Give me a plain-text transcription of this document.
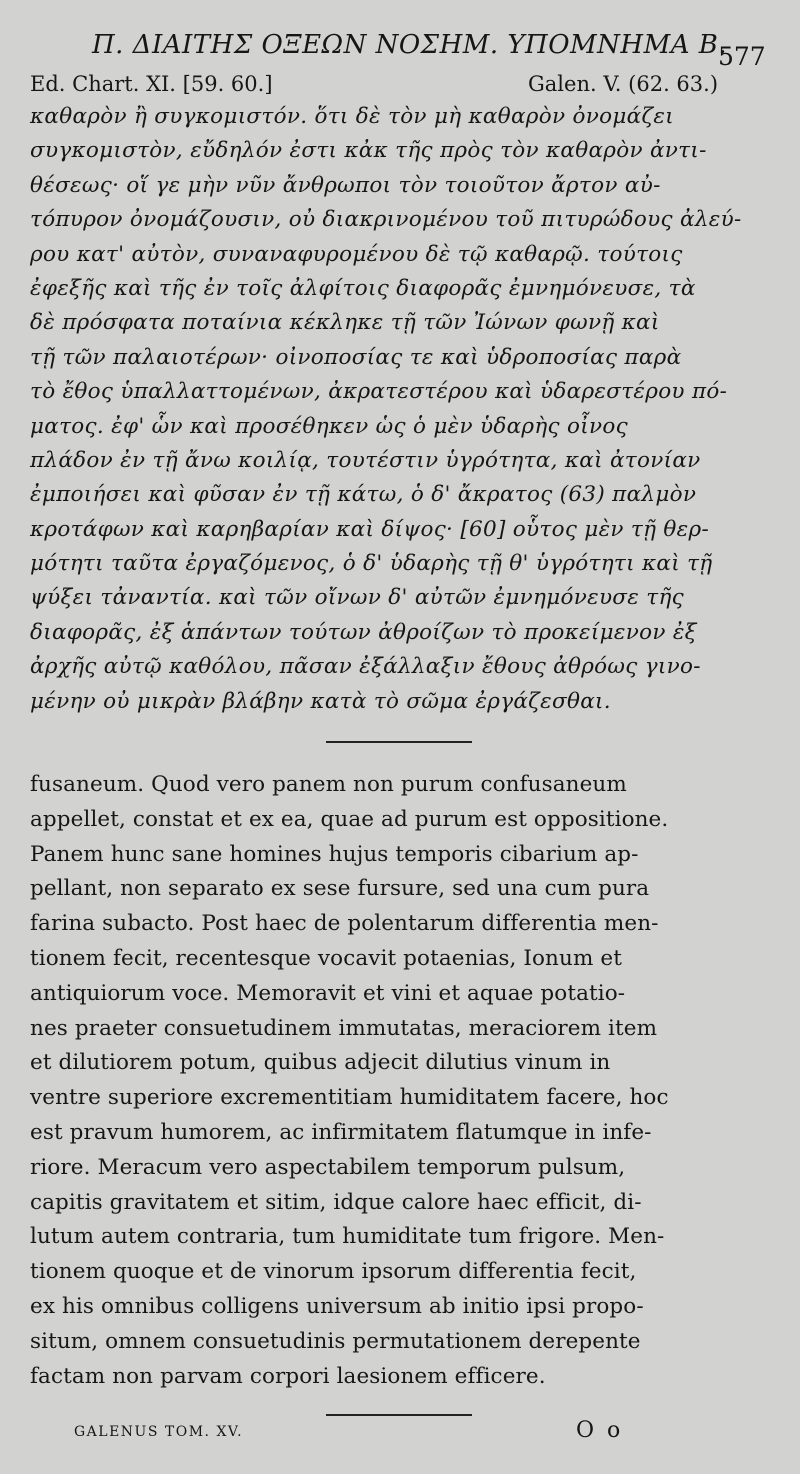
Π. ΔΙΑΙΤΗΣ ΟΞΕΩΝ ΝΟΣΗΜ. ΥΠΟΜΝΗΜΑ Β.
577
Ed. Chart. XI. [59. 60.]	Galen. V. (62. 63.)
καθαρὸν ἢ συγκομιστόν. ὅτι δὲ τὸν μὴ καθαρὸν ὀνομάζει
συγκομιστὸν, εὔδηλόν ἐστι κἀκ τῆς πρὸς τὸν καθαρὸν ἀντι-
θέσεως· οἵ γε μὴν νῦν ἄνθρωποι τὸν τοιοῦτον ἄρτον αὐ-
τόπυρον ὀνομάζουσιν, οὐ διακρινομένου τοῦ πιτυρώδους ἀλεύ-
ρου κατ' αὐτὸν, συναναφυρομένου δὲ τῷ καθαρῷ. τούτοις
ἐφεξῆς καὶ τῆς ἐν τοῖς ἀλφίτοις διαφορᾶς ἐμνημόνευσε, τὰ
δὲ πρόσφατα ποταίνια κέκληκε τῇ τῶν Ἰώνων φωνῇ καὶ
τῇ τῶν παλαιοτέρων· οἰνοποσίας τε καὶ ὑδροποσίας παρὰ
τὸ ἔθος ὑπαλλαττομένων, ἀκρατεστέρου καὶ ὑδαρεστέρου πό-
ματος. ἐφ' ὧν καὶ προσέθηκεν ὡς ὁ μὲν ὑδαρὴς οἶνος
πλάδον ἐν τῇ ἄνω κοιλίᾳ, τουτέστιν ὑγρότητα, καὶ ἀτονίαν
ἐμποιήσει καὶ φῦσαν ἐν τῇ κάτω, ὁ δ' ἄκρατος (63) παλμὸν
κροτάφων καὶ καρηβαρίαν καὶ δίψος· [60] οὗτος μὲν τῇ θερ-
μότητι ταῦτα ἐργαζόμενος, ὁ δ' ὑδαρὴς τῇ θ' ὑγρότητι καὶ τῇ
ψύξει τἀναντία. καὶ τῶν οἴνων δ' αὐτῶν ἐμνημόνευσε τῆς
διαφορᾶς, ἐξ ἁπάντων τούτων ἀθροίζων τὸ προκείμενον ἐξ
ἀρχῆς αὐτῷ καθόλου, πᾶσαν ἐξάλλαξιν ἔθους ἀθρόως γινο-
μένην οὐ μικρὰν βλάβην κατὰ τὸ σῶμα ἐργάζεσθαι.
fusaneum. Quod vero panem non purum confusaneum
appellet, constat et ex ea, quae ad purum est oppositione.
Panem hunc sane homines hujus temporis cibarium ap-
pellant, non separato ex sese fursure, sed una cum pura
farina subacto. Post haec de polentarum differentia men-
tionem fecit, recentesque vocavit potaenias, Ionum et
antiquiorum voce. Memoravit et vini et aquae potatio-
nes praeter consuetudinem immutatas, meraciorem item
et dilutiorem potum, quibus adjecit dilutius vinum in
ventre superiore excrementitiam humiditatem facere, hoc
est pravum humorem, ac infirmitatem flatumque in infe-
riore. Meracum vero aspectabilem temporum pulsum,
capitis gravitatem et sitim, idque calore haec efficit, di-
lutum autem contraria, tum humiditate tum frigore. Men-
tionem quoque et de vinorum ipsorum differentia fecit,
ex his omnibus colligens universum ab initio ipsi propo-
situm, omnem consuetudinis permutationem derepente
factam non parvam corpori laesionem efficere.
GALENUS TOM. XV.	O o
